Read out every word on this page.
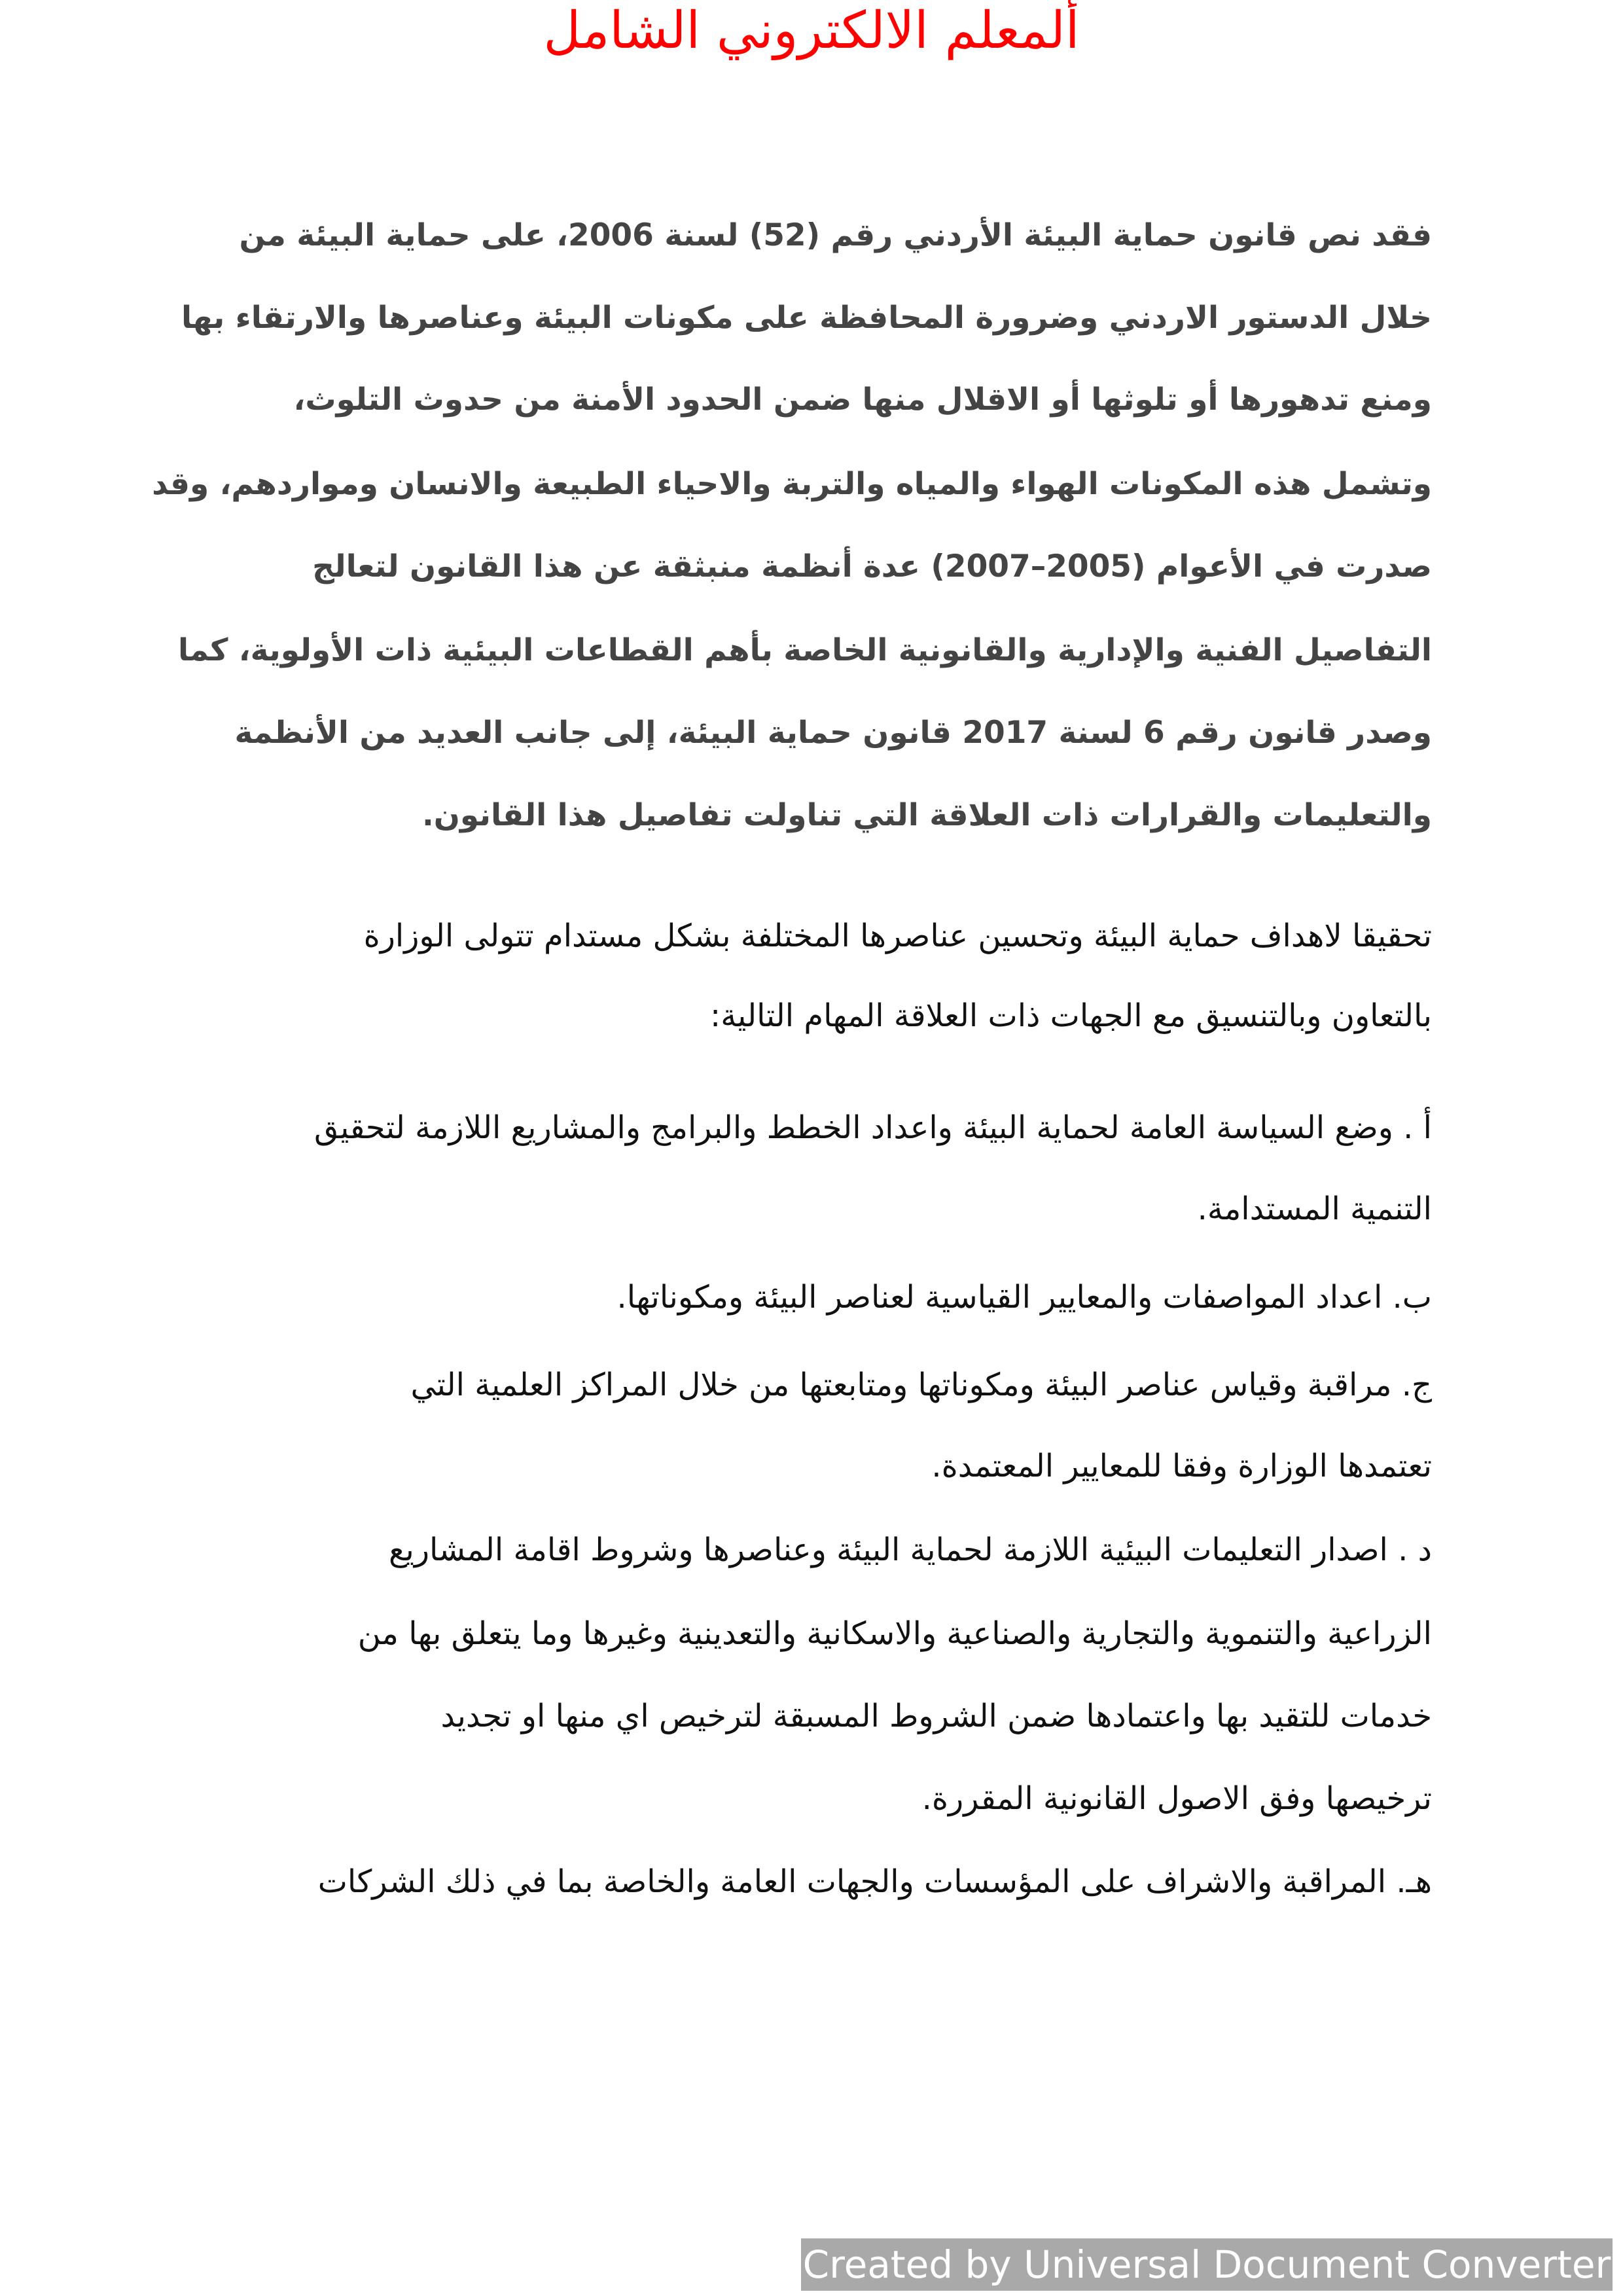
ألمعلم الالكتروني الشامل
فقد نص قانون حماية البيئة الأردني رقم (52) لسنة 2006، على حماية البيئة من
خلال الدستور الاردني وضرورة المحافظة على مكونات البيئة وعناصرها والارتقاء بها
ومنع تدهورها أو تلوثها أو الاقلال منها ضمن الحدود الأمنة من حدوث التلوث،
وتشمل هذه المكونات الهواء والمياه والتربة والاحياء الطبيعة والانسان ومواردهم، وقد
صدرت في الأعوام (2005–2007) عدة أنظمة منبثقة عن هذا القانون لتعالج
التفاصيل الفنية والإدارية والقانونية الخاصة بأهم القطاعات البيئية ذات الأولوية، كما
وصدر قانون رقم 6 لسنة 2017 قانون حماية البيئة، إلى جانب العديد من الأنظمة
والتعليمات والقرارات ذات العلاقة التي تناولت تفاصيل هذا القانون.
تحقيقا لاهداف حماية البيئة وتحسين عناصرها المختلفة بشكل مستدام تتولى الوزارة
بالتعاون وبالتنسيق مع الجهات ذات العلاقة المهام التالية:
أ . وضع السياسة العامة لحماية البيئة واعداد الخطط والبرامج والمشاريع اللازمة لتحقيق
التنمية المستدامة.
ب. اعداد المواصفات والمعايير القياسية لعناصر البيئة ومكوناتها.
ج. مراقبة وقياس عناصر البيئة ومكوناتها ومتابعتها من خلال المراكز العلمية التي
تعتمدها الوزارة وفقا للمعايير المعتمدة.
د . اصدار التعليمات البيئية اللازمة لحماية البيئة وعناصرها وشروط اقامة المشاريع
الزراعية والتنموية والتجارية والصناعية والاسكانية والتعدينية وغيرها وما يتعلق بها من
خدمات للتقيد بها واعتمادها ضمن الشروط المسبقة لترخيص اي منها او تجديد
ترخيصها وفق الاصول القانونية المقررة.
هـ. المراقبة والاشراف على المؤسسات والجهات العامة والخاصة بما في ذلك الشركات
Created by Universal Document Converter
